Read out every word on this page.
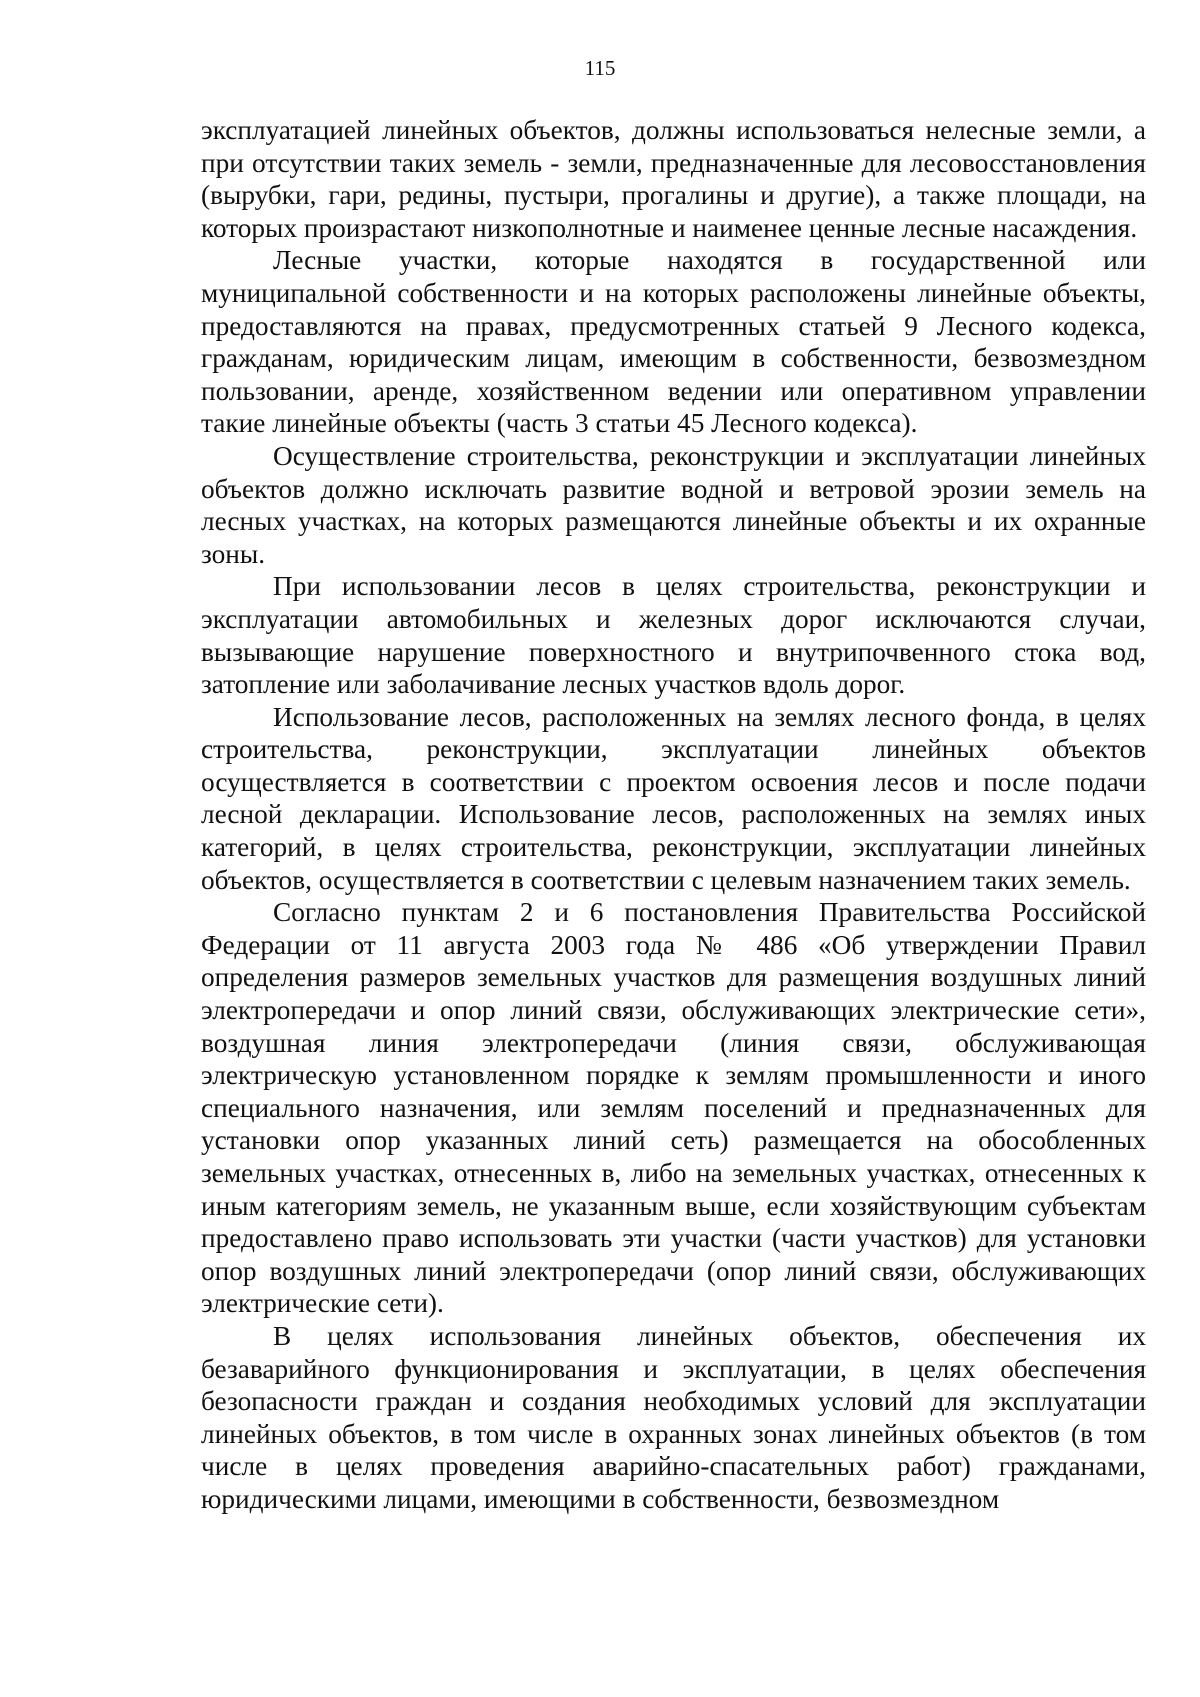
115

эксплуатацией линейных объектов, должны использоваться нелесные земли, а при отсутствии таких земель - земли, предназначенные для лесовосстановления (вырубки, гари, редины, пустыри, прогалины и другие), а также площади, на которых произрастают низкополнотные и наименее ценные лесные насаждения.

Лесные участки, которые находятся в государственной или муниципальной собственности и на которых расположены линейные объекты, предоставляются на правах, предусмотренных статьей 9 Лесного кодекса, гражданам, юридическим лицам, имеющим в собственности, безвозмездном пользовании, аренде, хозяйственном ведении или оперативном управлении такие линейные объекты (часть 3 статьи 45 Лесного кодекса).

Осуществление строительства, реконструкции и эксплуатации линейных объектов должно исключать развитие водной и ветровой эрозии земель на лесных участках, на которых размещаются линейные объекты и их охранные зоны.

При использовании лесов в целях строительства, реконструкции и эксплуатации автомобильных и железных дорог исключаются случаи, вызывающие нарушение поверхностного и внутрипочвенного стока вод, затопление или заболачивание лесных участков вдоль дорог.

Использование лесов, расположенных на землях лесного фонда, в целях строительства, реконструкции, эксплуатации линейных объектов осуществляется в соответствии с проектом освоения лесов и после подачи лесной декларации. Использование лесов, расположенных на землях иных категорий, в целях строительства, реконструкции, эксплуатации линейных объектов, осуществляется в соответствии с целевым назначением таких земель.

Согласно пунктам 2 и 6 постановления Правительства Российской Федерации от 11 августа 2003 года № 486 «Об утверждении Правил определения размеров земельных участков для размещения воздушных линий электропередачи и опор линий связи, обслуживающих электрические сети», воздушная линия электропередачи (линия связи, обслуживающая электрическую установленном порядке к землям промышленности и иного специального назначения, или землям поселений и предназначенных для установки опор указанных линий сеть) размещается на обособленных земельных участках, отнесенных в, либо на земельных участках, отнесенных к иным категориям земель, не указанным выше, если хозяйствующим субъектам предоставлено право использовать эти участки (части участков) для установки опор воздушных линий электропередачи (опор линий связи, обслуживающих электрические сети).

В целях использования линейных объектов, обеспечения их безаварийного функционирования и эксплуатации, в целях обеспечения безопасности граждан и создания необходимых условий для эксплуатации линейных объектов, в том числе в охранных зонах линейных объектов (в том числе в целях проведения аварийно-спасательных работ) гражданами, юридическими лицами, имеющими в собственности, безвозмездном
